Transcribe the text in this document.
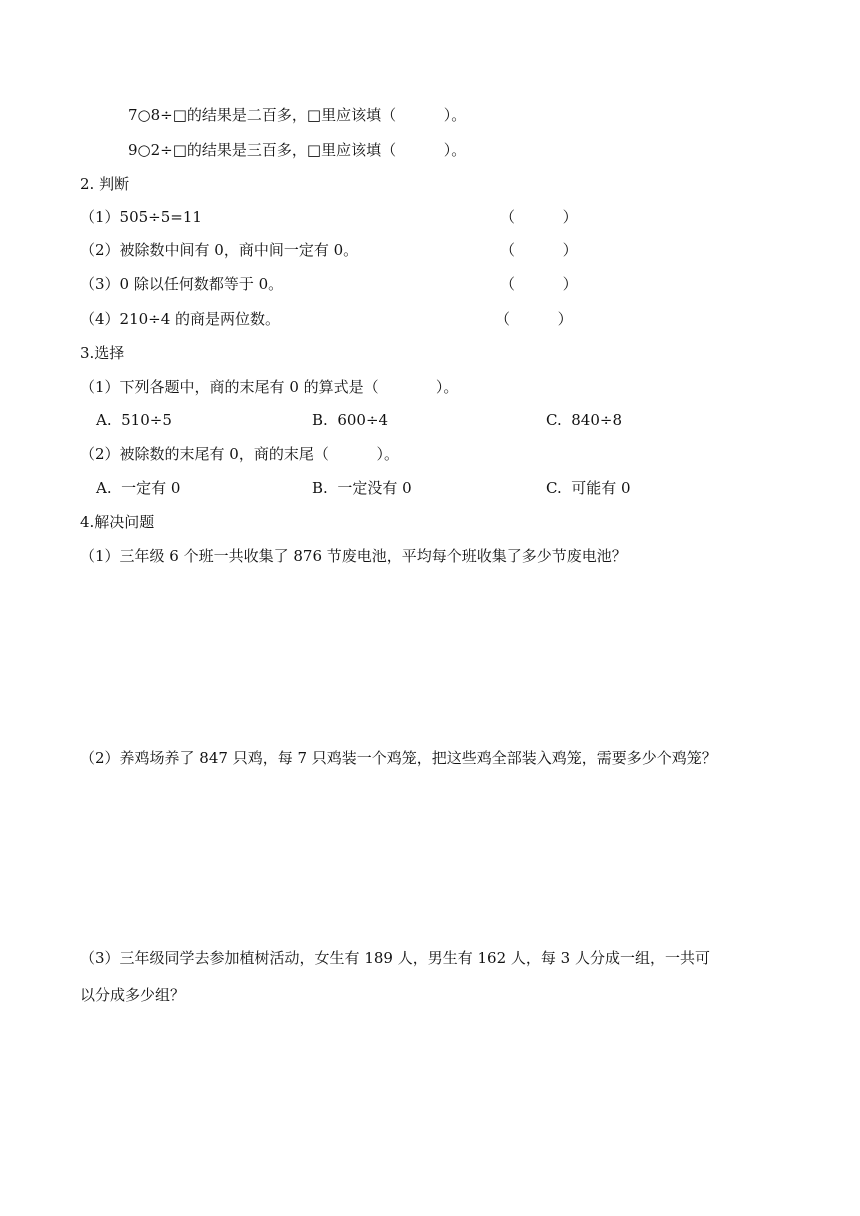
7○8÷□的结果是二百多，□里应该填（          ）。
9○2÷□的结果是三百多，□里应该填（          ）。
2. 判断
（1）505÷5=11	（          ）
（2）被除数中间有 0，商中间一定有 0。	（          ）
（3）0 除以任何数都等于 0。	（          ）
（4）210÷4 的商是两位数。	（          ）
3.选择
（1）下列各题中，商的末尾有 0 的算式是（            ）。
A.  510÷5	B.  600÷4	C.  840÷8
（2）被除数的末尾有 0，商的末尾（          ）。
A.  一定有 0	B.  一定没有 0	C.  可能有 0
4.解决问题
（1）三年级 6 个班一共收集了 876 节废电池，平均每个班收集了多少节废电池？
（2）养鸡场养了 847 只鸡，每 7 只鸡装一个鸡笼，把这些鸡全部装入鸡笼，需要多少个鸡笼？
（3）三年级同学去参加植树活动，女生有 189 人，男生有 162 人，每 3 人分成一组，一共可
以分成多少组？
